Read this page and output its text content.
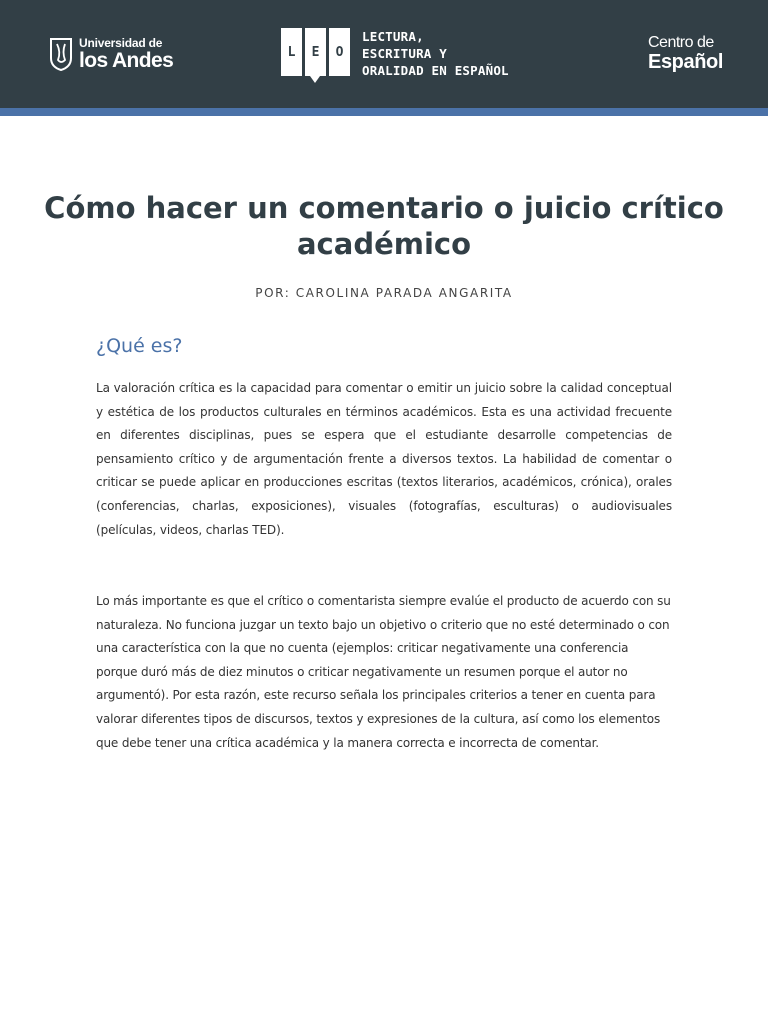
Universidad de
los Andes	L	E	O
LECTURA,
ESCRITURA Y
ORALIDAD EN ESPAÑOL
Centro de
Español
Cómo hacer un comentario o juicio crítico académico
POR: CAROLINA PARADA ANGARITA
¿Qué es?

La valoración crítica es la capacidad para comentar o emitir un juicio sobre la calidad conceptual y estética de los productos culturales en términos académicos. Esta es una actividad frecuente en diferentes disciplinas, pues se espera que el estudiante desarrolle competencias de pensamiento crítico y de argumentación frente a diversos textos. La habilidad de comentar o criticar se puede aplicar en producciones escritas (textos literarios, académicos, crónica), orales (conferencias, charlas, exposiciones), visuales (fotografías, esculturas) o audiovisuales (películas, videos, charlas TED).

Lo más importante es que el crítico o comentarista siempre evalúe el producto de acuerdo con su naturaleza. No funciona juzgar un texto bajo un objetivo o criterio que no esté determinado o con una característica con la que no cuenta (ejemplos: criticar negativamente una conferencia porque duró más de diez minutos o criticar negativamente un resumen porque el autor no argumentó). Por esta razón, este recurso señala los principales criterios a tener en cuenta para valorar diferentes tipos de discursos, textos y expresiones de la cultura, así como los elementos que debe tener una crítica académica y la manera correcta e incorrecta de comentar.
